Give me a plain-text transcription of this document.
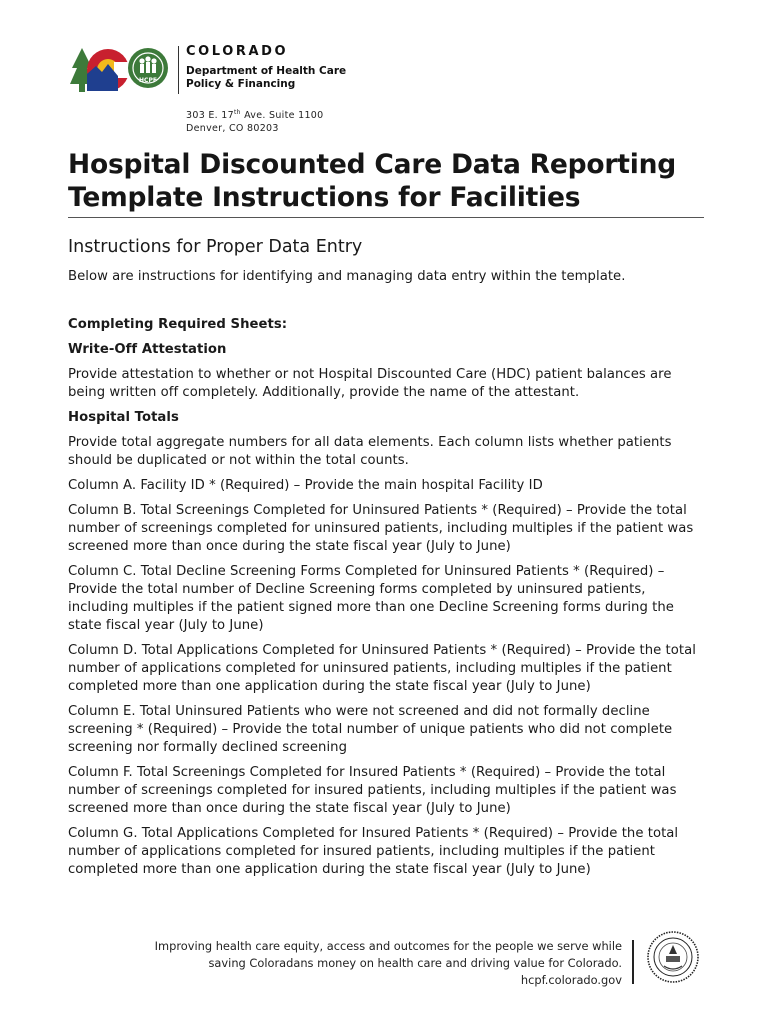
HCPF
COLORADO
Department of Health Care
Policy & Financing
303 E. 17th Ave. Suite 1100
Denver, CO 80203
Hospital Discounted Care Data Reporting Template Instructions for Facilities
Instructions for Proper Data Entry

Below are instructions for identifying and managing data entry within the template.

Completing Required Sheets:

Write-Off Attestation

Provide attestation to whether or not Hospital Discounted Care (HDC) patient balances are being written off completely. Additionally, provide the name of the attestant.

Hospital Totals

Provide total aggregate numbers for all data elements. Each column lists whether patients should be duplicated or not within the total counts.

Column A. Facility ID * (Required) – Provide the main hospital Facility ID

Column B. Total Screenings Completed for Uninsured Patients * (Required) – Provide the total number of screenings completed for uninsured patients, including multiples if the patient was screened more than once during the state fiscal year (July to June)

Column C. Total Decline Screening Forms Completed for Uninsured Patients * (Required) – Provide the total number of Decline Screening forms completed by uninsured patients, including multiples if the patient signed more than one Decline Screening forms during the state fiscal year (July to June)

Column D. Total Applications Completed for Uninsured Patients * (Required) – Provide the total number of applications completed for uninsured patients, including multiples if the patient completed more than one application during the state fiscal year (July to June)

Column E. Total Uninsured Patients who were not screened and did not formally decline screening * (Required) – Provide the total number of unique patients who did not complete screening nor formally declined screening

Column F. Total Screenings Completed for Insured Patients * (Required) – Provide the total number of screenings completed for insured patients, including multiples if the patient was screened more than once during the state fiscal year (July to June)

Column G. Total Applications Completed for Insured Patients * (Required) – Provide the total number of applications completed for insured patients, including multiples if the patient completed more than one application during the state fiscal year (July to June)

Improving health care equity, access and outcomes for the people we serve while
saving Coloradans money on health care and driving value for Colorado.
hcpf.colorado.gov
